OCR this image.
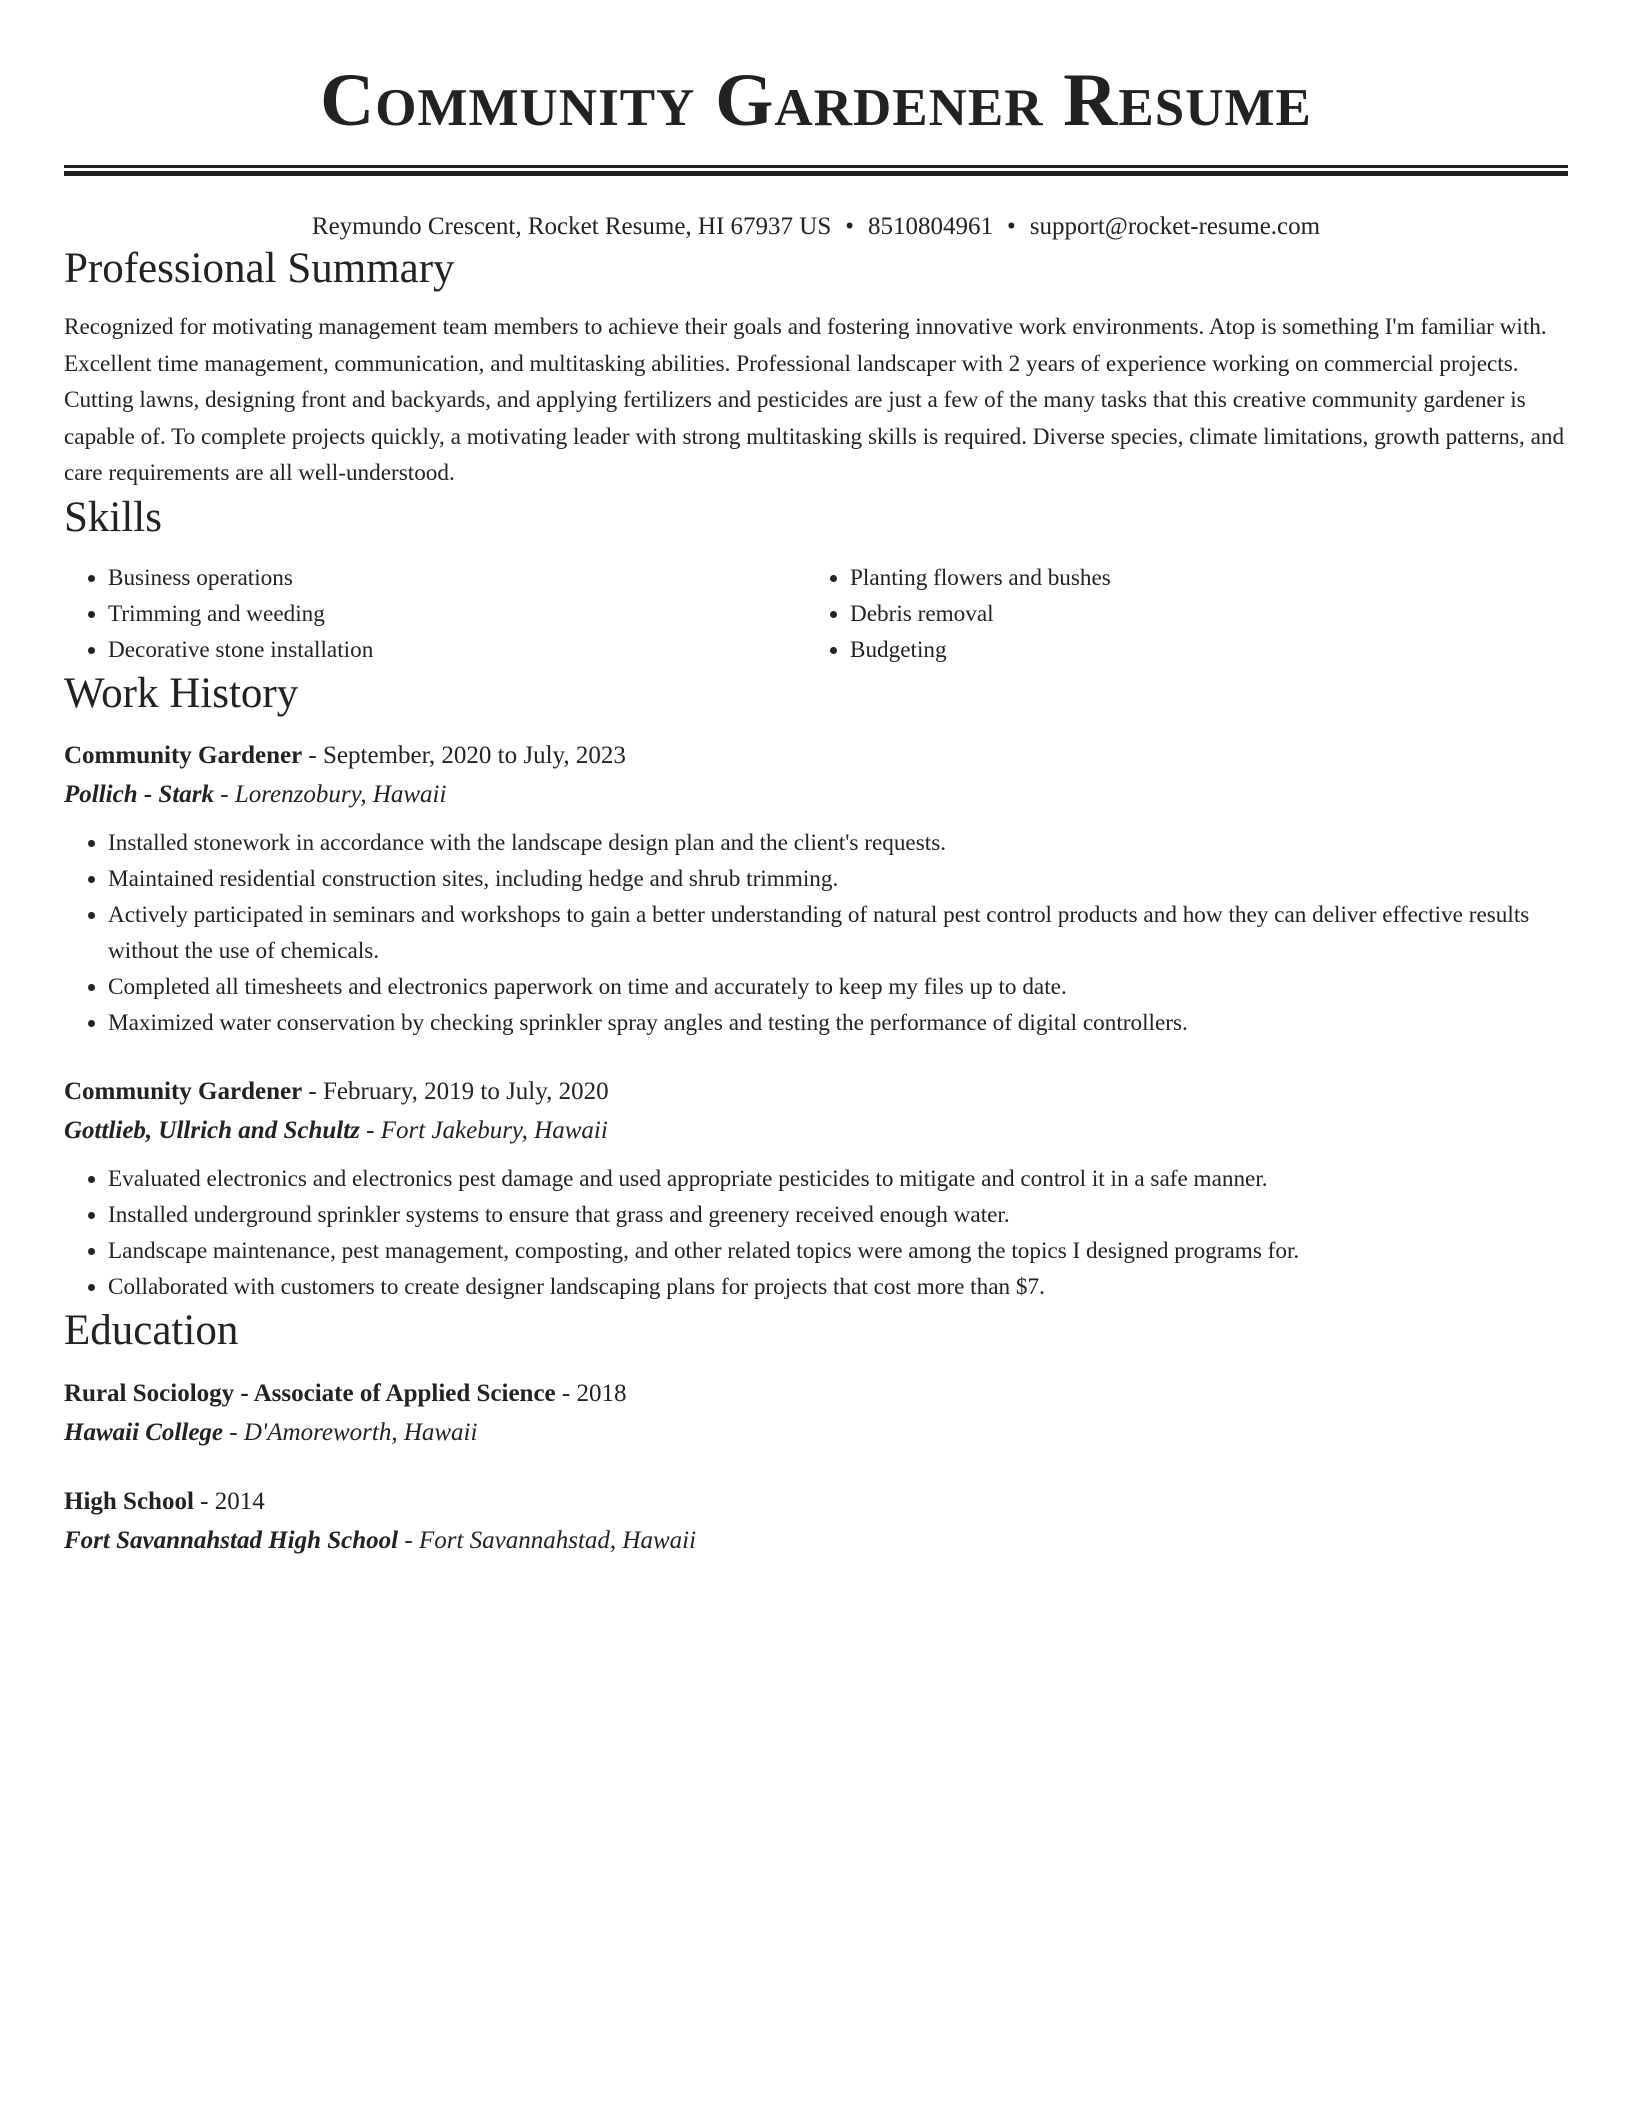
Community Gardener Resume
Reymundo Crescent, Rocket Resume, HI 67937 US • 8510804961 • support@rocket-resume.com
Professional Summary

Recognized for motivating management team members to achieve their goals and fostering innovative work environments. Atop is something I'm familiar with. Excellent time management, communication, and multitasking abilities. Professional landscaper with 2 years of experience working on commercial projects. Cutting lawns, designing front and backyards, and applying fertilizers and pesticides are just a few of the many tasks that this creative community gardener is capable of. To complete projects quickly, a motivating leader with strong multitasking skills is required. Diverse species, climate limitations, growth patterns, and care requirements are all well-understood.

Skills
• Business operations
• Trimming and weeding
• Decorative stone installation
• Planting flowers and bushes
• Debris removal
• Budgeting
Work History
Community Gardener - September, 2020 to July, 2023
Pollich - Stark - Lorenzobury, Hawaii
• Installed stonework in accordance with the landscape design plan and the client's requests.
• Maintained residential construction sites, including hedge and shrub trimming.
• Actively participated in seminars and workshops to gain a better understanding of natural pest control products and how they can deliver effective results without the use of chemicals.
• Completed all timesheets and electronics paperwork on time and accurately to keep my files up to date.
• Maximized water conservation by checking sprinkler spray angles and testing the performance of digital controllers.
Community Gardener - February, 2019 to July, 2020
Gottlieb, Ullrich and Schultz - Fort Jakebury, Hawaii
• Evaluated electronics and electronics pest damage and used appropriate pesticides to mitigate and control it in a safe manner.
• Installed underground sprinkler systems to ensure that grass and greenery received enough water.
• Landscape maintenance, pest management, composting, and other related topics were among the topics I designed programs for.
• Collaborated with customers to create designer landscaping plans for projects that cost more than $7.
Education
Rural Sociology - Associate of Applied Science - 2018
Hawaii College - D'Amoreworth, Hawaii
High School - 2014
Fort Savannahstad High School - Fort Savannahstad, Hawaii
